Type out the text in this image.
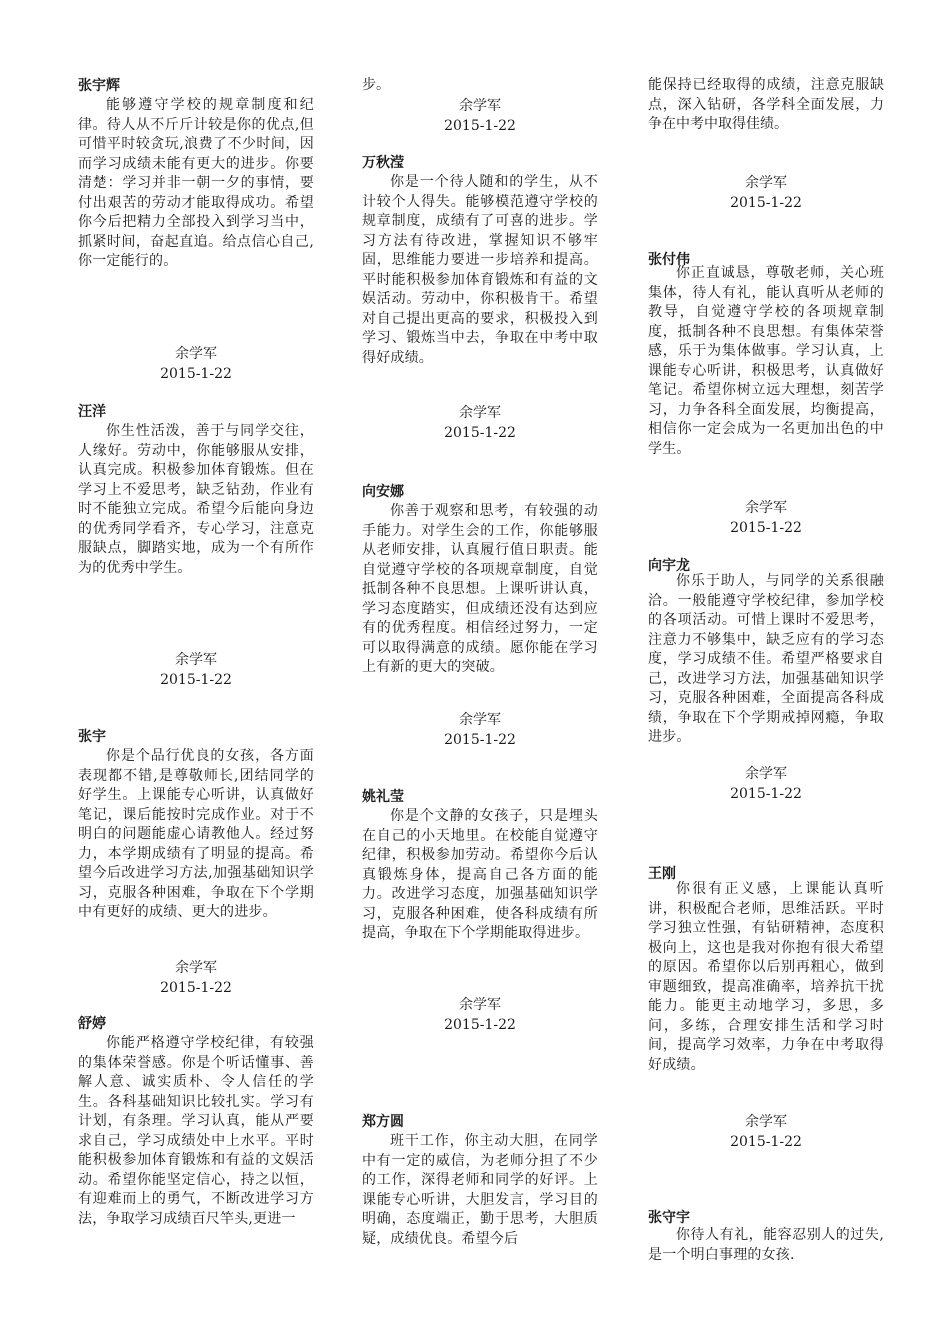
张宇辉

能够遵守学校的规章制度和纪律。待人从不斤斤计较是你的优点,但可惜平时较贪玩,浪费了不少时间，因而学习成绩未能有更大的进步。你要清楚：学习并非一朝一夕的事情，要付出艰苦的劳动才能取得成功。希望你今后把精力全部投入到学习当中，抓紧时间，奋起直追。给点信心自己,你一定能行的。

余学军
2015-1-22
汪洋

你生性活泼，善于与同学交往，人缘好。劳动中，你能够服从安排，认真完成。积极参加体育锻炼。但在学习上不爱思考，缺乏钻劲，作业有时不能独立完成。希望今后能向身边的优秀同学看齐，专心学习，注意克服缺点，脚踏实地，成为一个有所作为的优秀中学生。

余学军
2015-1-22
张宇

你是个品行优良的女孩，各方面表现都不错,是尊敬师长,团结同学的好学生。上课能专心听讲，认真做好笔记，课后能按时完成作业。对于不明白的问题能虚心请教他人。经过努力，本学期成绩有了明显的提高。希望今后改进学习方法,加强基础知识学习，克服各种困难，争取在下个学期中有更好的成绩、更大的进步。

余学军
2015-1-22
舒婷

你能严格遵守学校纪律，有较强的集体荣誉感。你是个听话懂事、善解人意、诚实质朴、令人信任的学生。各科基础知识比较扎实。学习有计划，有条理。学习认真，能从严要求自己，学习成绩处中上水平。平时能积极参加体育锻炼和有益的文娱活动。希望你能坚定信心，持之以恒，有迎难而上的勇气，不断改进学习方法，争取学习成绩百尺竿头,更进一

步。

余学军
2015-1-22
万秋滢

你是一个待人随和的学生，从不计较个人得失。能够模范遵守学校的规章制度，成绩有了可喜的进步。学习方法有待改进，掌握知识不够牢固，思维能力要进一步培养和提高。平时能积极参加体育锻炼和有益的文娱活动。劳动中，你积极肯干。希望对自己提出更高的要求，积极投入到学习、锻炼当中去，争取在中考中取得好成绩。

余学军
2015-1-22
向安娜

你善于观察和思考，有较强的动手能力。对学生会的工作，你能够服从老师安排，认真履行值日职责。能自觉遵守学校的各项规章制度，自觉抵制各种不良思想。上课听讲认真，学习态度踏实，但成绩还没有达到应有的优秀程度。相信经过努力，一定可以取得满意的成绩。愿你能在学习上有新的更大的突破。

余学军
2015-1-22
姚礼莹

你是个文静的女孩子，只是埋头在自己的小天地里。在校能自觉遵守纪律，积极参加劳动。希望你今后认真锻炼身体，提高自己各方面的能力。改进学习态度，加强基础知识学习，克服各种困难，使各科成绩有所提高，争取在下个学期能取得进步。

余学军
2015-1-22
郑方圆

班干工作，你主动大胆，在同学中有一定的威信，为老师分担了不少的工作，深得老师和同学的好评。上课能专心听讲，大胆发言，学习目的明确，态度端正，勤于思考，大胆质疑，成绩优良。希望今后

能保持已经取得的成绩，注意克服缺点，深入钻研，各学科全面发展，力争在中考中取得佳绩。

余学军
2015-1-22
张付伟

你正直诚恳，尊敬老师，关心班集体，待人有礼，能认真听从老师的教导，自觉遵守学校的各项规章制度，抵制各种不良思想。有集体荣誉感，乐于为集体做事。学习认真，上课能专心听讲，积极思考，认真做好笔记。希望你树立远大理想，刻苦学习，力争各科全面发展，均衡提高，相信你一定会成为一名更加出色的中学生。

余学军
2015-1-22
向宇龙

你乐于助人，与同学的关系很融洽。一般能遵守学校纪律，参加学校的各项活动。可惜上课时不爱思考，注意力不够集中，缺乏应有的学习态度，学习成绩不佳。希望严格要求自己，改进学习方法，加强基础知识学习，克服各种困难，全面提高各科成绩，争取在下个学期戒掉网瘾，争取进步。

余学军
2015-1-22
王刚

你很有正义感，上课能认真听讲，积极配合老师，思维活跃。平时学习独立性强，有钻研精神，态度积极向上，这也是我对你抱有很大希望的原因。希望你以后别再粗心，做到审题细致，提高准确率，培养抗干扰能力。能更主动地学习，多思，多问，多练，合理安排生活和学习时间，提高学习效率，力争在中考取得好成绩。

余学军
2015-1-22
张守宇

你待人有礼，能容忍别人的过失,是一个明白事理的女孩.
